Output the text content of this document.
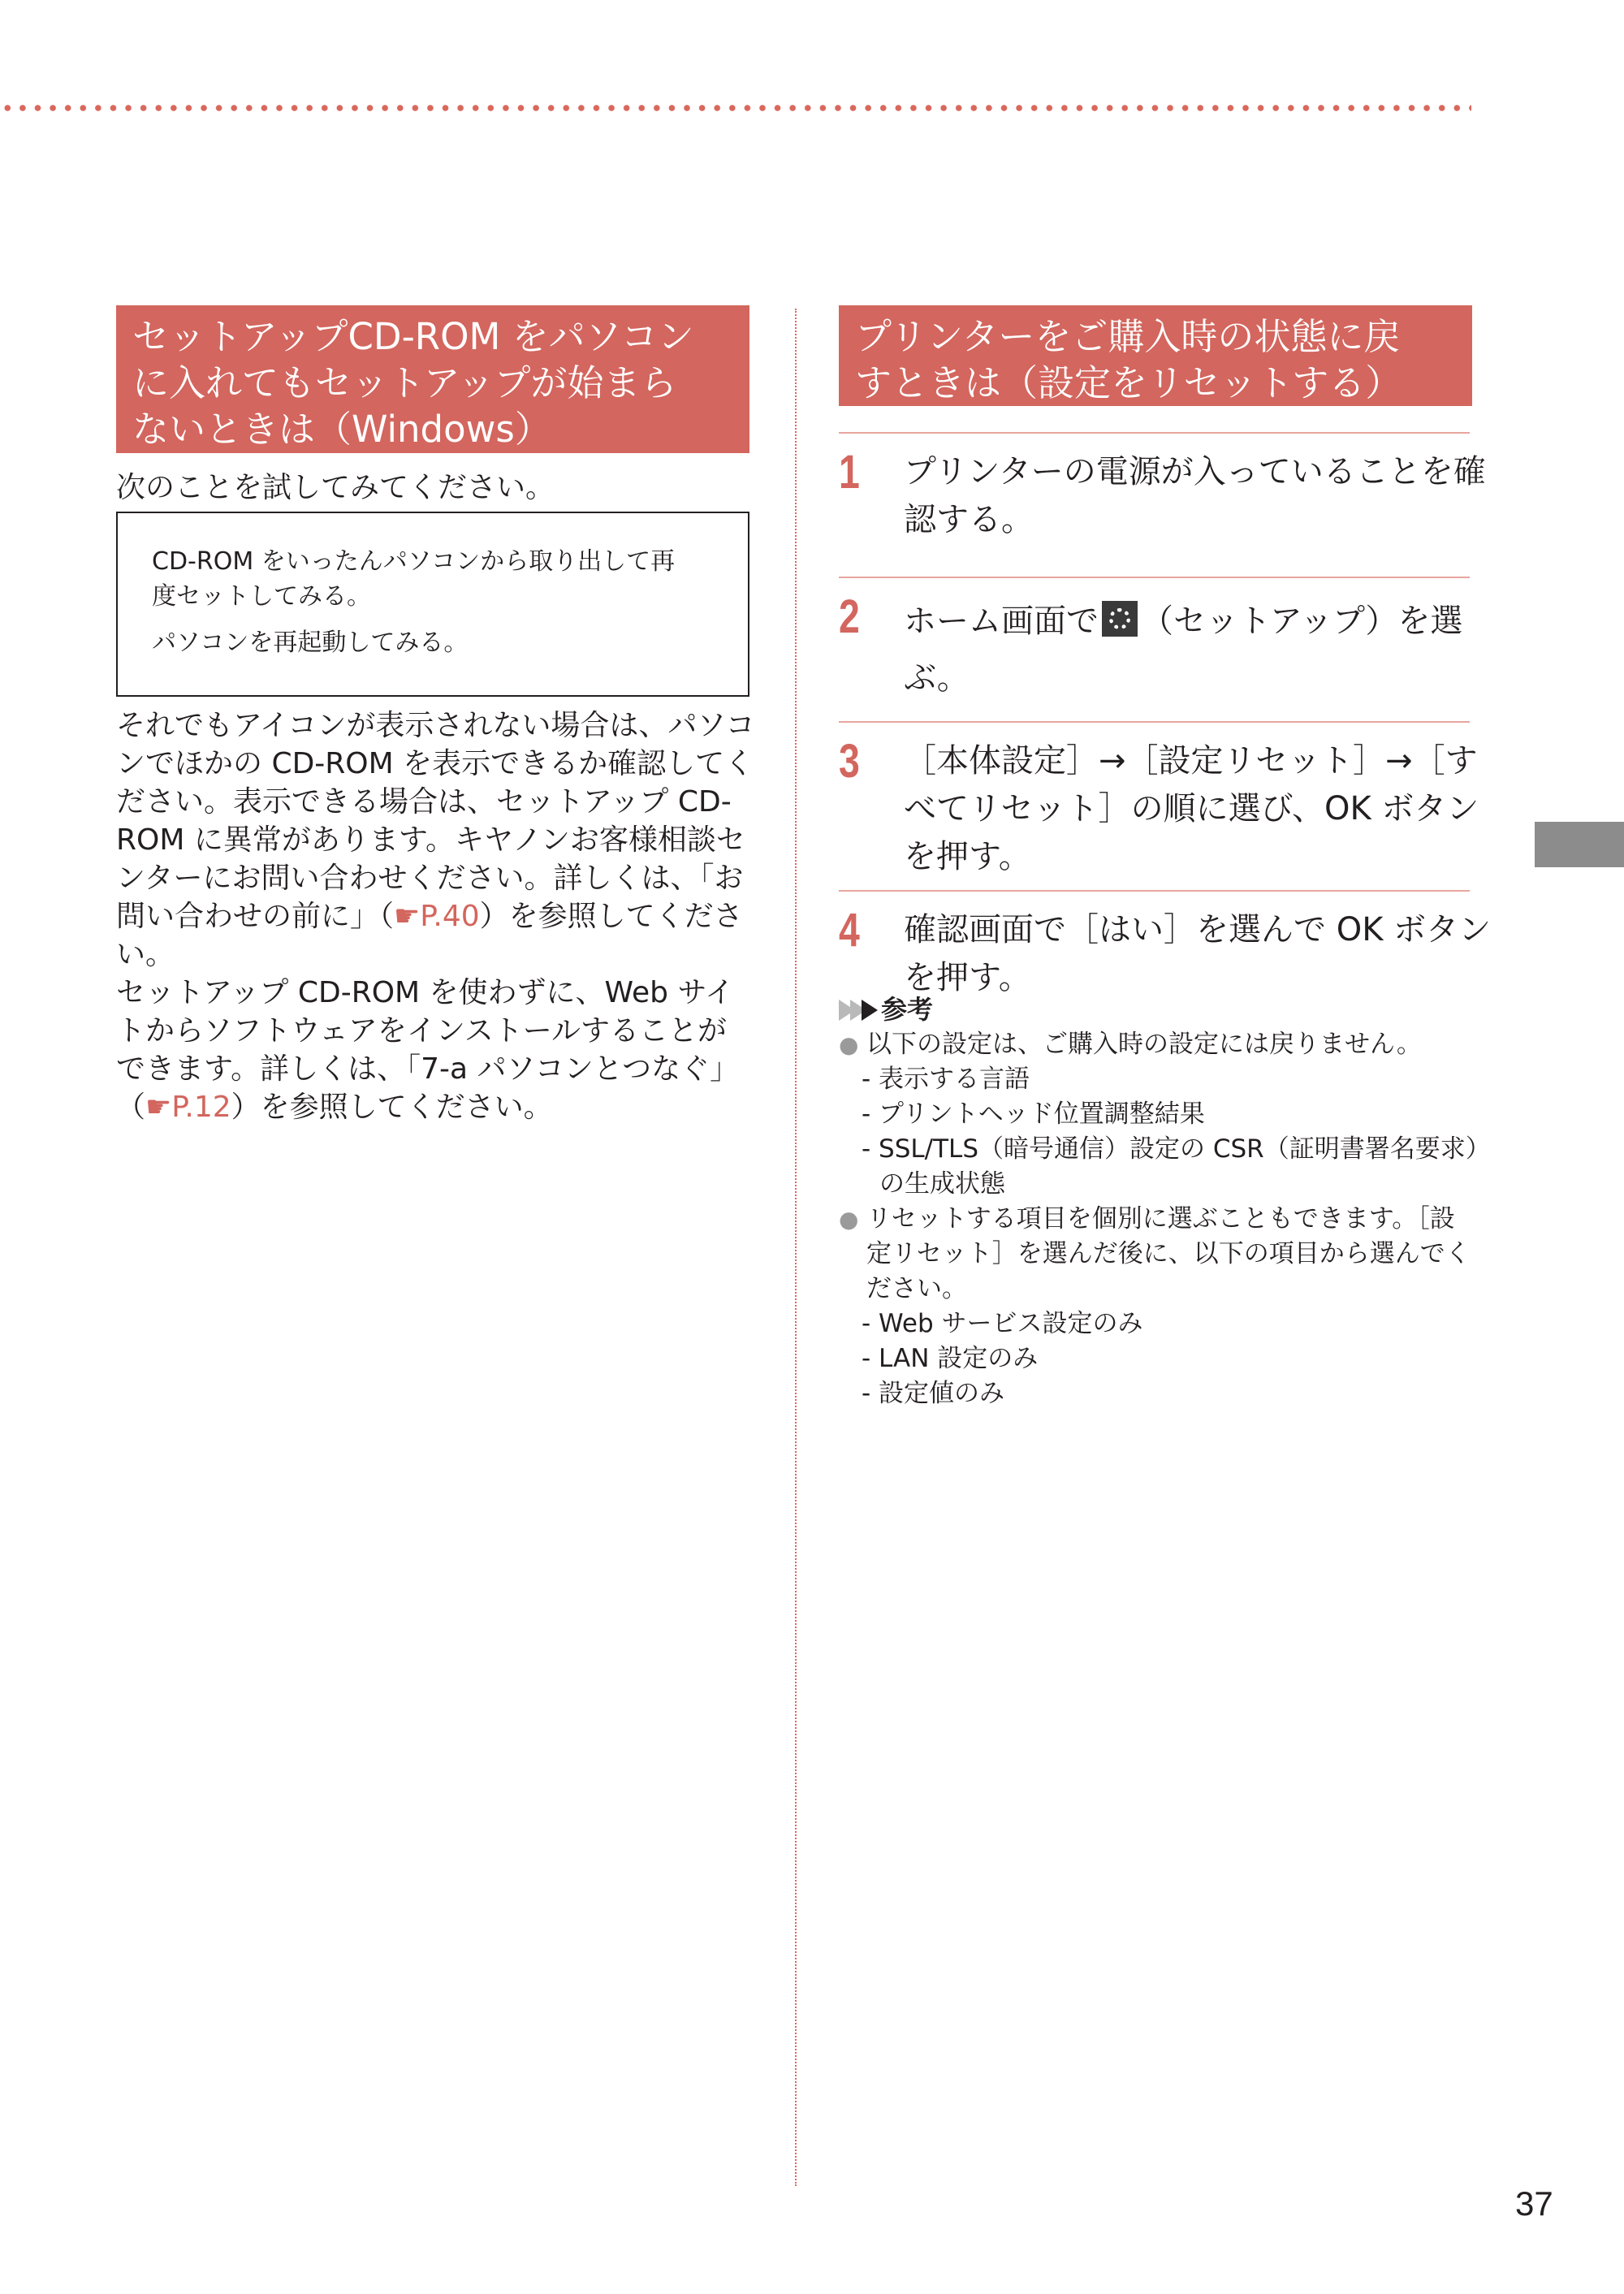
セットアップCD-ROM をパソコン
に入れてもセットアップが始まら
ないときは（Windows）
次のことを試してみてください。
CD-ROM をいったんパソコンから取り出して再
度セットしてみる。
パソコンを再起動してみる。
それでもアイコンが表示されない場合は、パソコ
ンでほかの CD-ROM を表示できるか確認してく
ださい。表示できる場合は、セットアップ CD-
ROM に異常があります。キヤノンお客様相談セ
ンターにお問い合わせください。詳しくは、「お
問い合わせの前に」（☛P.40）を参照してくださ
い。
セットアップ CD-ROM を使わずに、Web サイ
トからソフトウェアをインストールすることが
できます。詳しくは、「7-a パソコンとつなぐ」
（☛P.12）を参照してください。
プリンターをご購入時の状態に戻
すときは（設定をリセットする）
1 プリンターの電源が入っていることを確
認する。
2 ホーム画面で （セットアップ）を選
ぶ。
3 ［本体設定］→［設定リセット］→［す
べてリセット］の順に選び、OK ボタン
を押す。
4 確認画面で［はい］を選んで OK ボタン
を押す。
参考
●
以下の設定は、ご購入時の設定には戻りません。
- 表示する言語
- プリントヘッド位置調整結果
- SSL/TLS（暗号通信）設定の CSR（証明書署名要求）
の生成状態
●
リセットする項目を個別に選ぶこともできます。［設
定リセット］を選んだ後に、以下の項目から選んでく
ださい。
- Web サービス設定のみ
- LAN 設定のみ
- 設定値のみ
37
